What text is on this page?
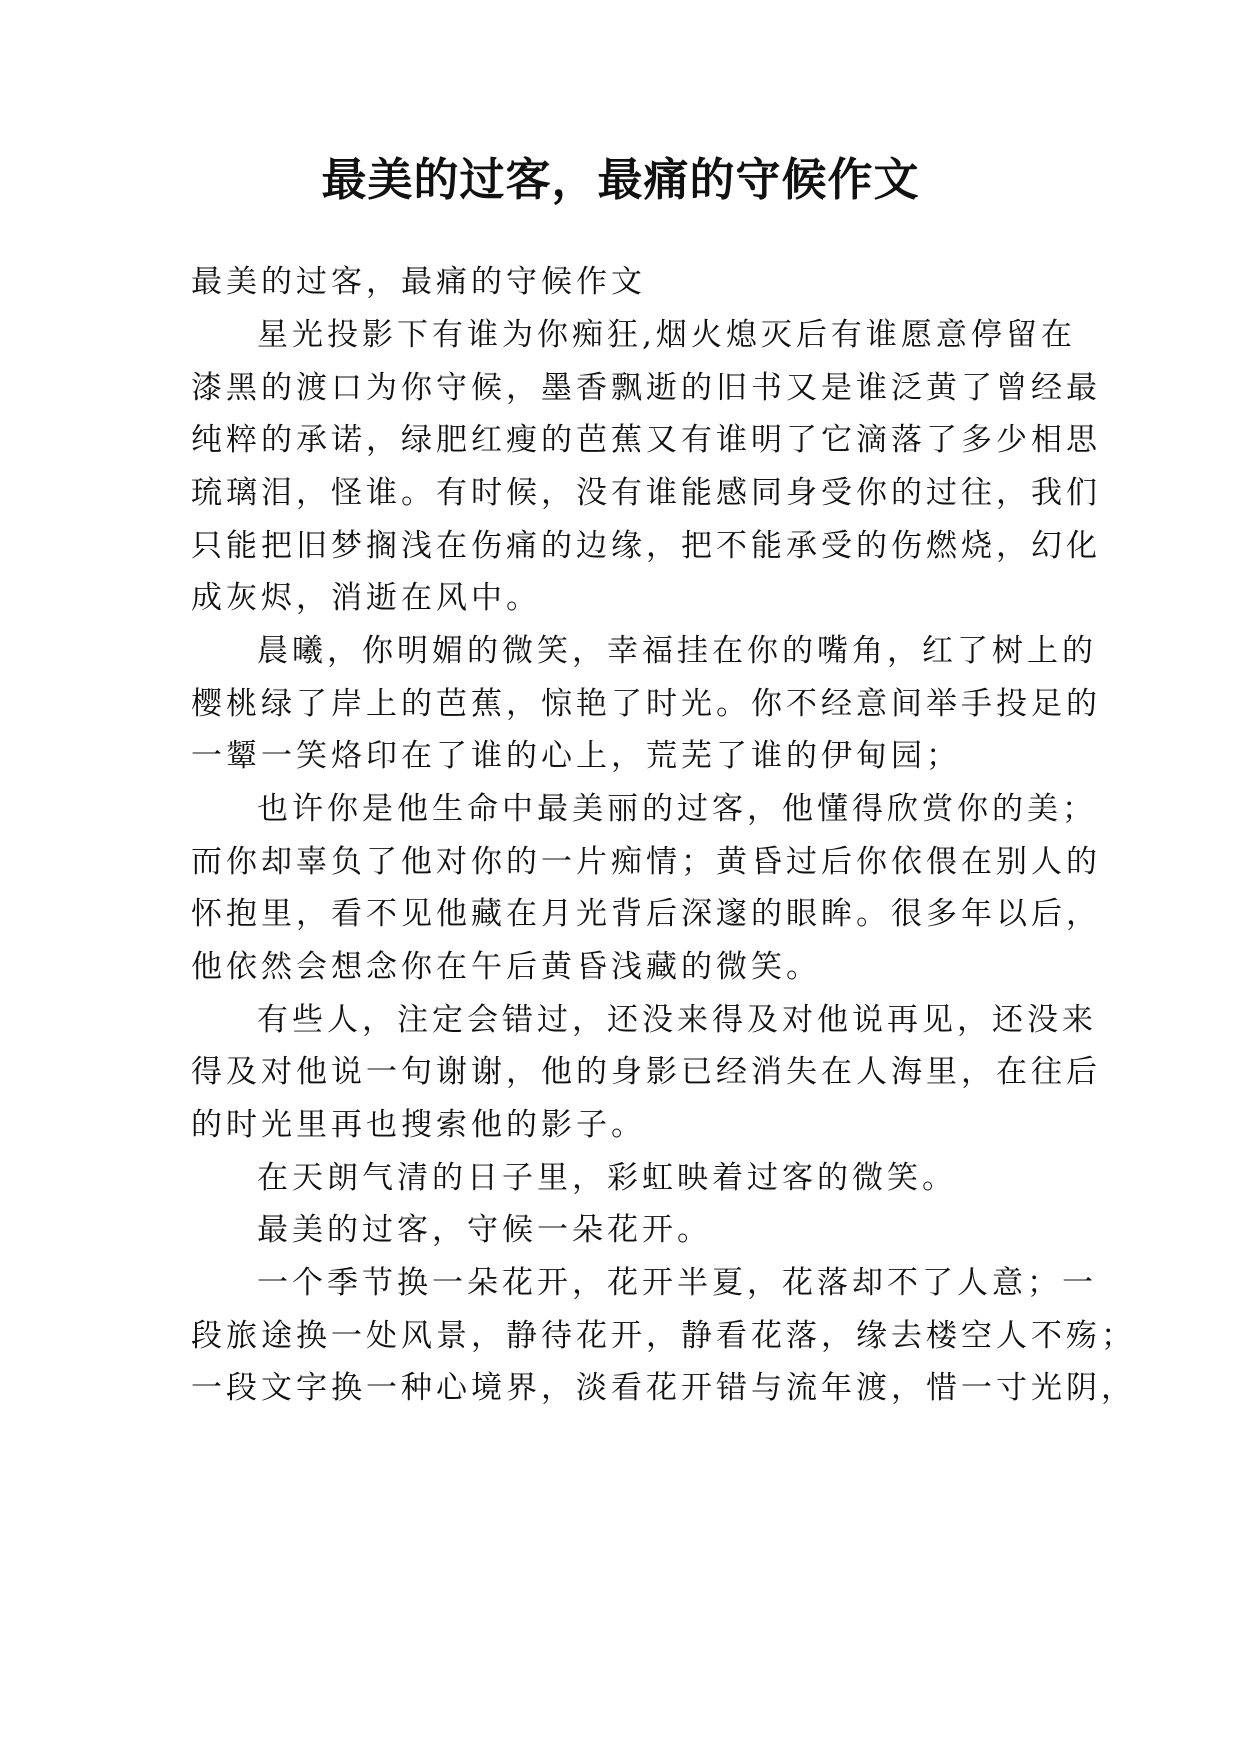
最美的过客，最痛的守候作文
最美的过客，最痛的守候作文
星光投影下有谁为你痴狂,烟火熄灭后有谁愿意停留在
漆黑的渡口为你守候，墨香飘逝的旧书又是谁泛黄了曾经最
纯粹的承诺，绿肥红瘦的芭蕉又有谁明了它滴落了多少相思
琉璃泪，怪谁。有时候，没有谁能感同身受你的过往，我们
只能把旧梦搁浅在伤痛的边缘，把不能承受的伤燃烧，幻化
成灰烬，消逝在风中。
晨曦，你明媚的微笑，幸福挂在你的嘴角，红了树上的
樱桃绿了岸上的芭蕉，惊艳了时光。你不经意间举手投足的
一颦一笑烙印在了谁的心上，荒芜了谁的伊甸园；
也许你是他生命中最美丽的过客，他懂得欣赏你的美；
而你却辜负了他对你的一片痴情；黄昏过后你依偎在别人的
怀抱里，看不见他藏在月光背后深邃的眼眸。很多年以后，
他依然会想念你在午后黄昏浅藏的微笑。
有些人，注定会错过，还没来得及对他说再见，还没来
得及对他说一句谢谢，他的身影已经消失在人海里，在往后
的时光里再也搜索他的影子。
在天朗气清的日子里，彩虹映着过客的微笑。
最美的过客，守候一朵花开。
一个季节换一朵花开，花开半夏，花落却不了人意；一
段旅途换一处风景，静待花开，静看花落，缘去楼空人不殇；
一段文字换一种心境界，淡看花开错与流年渡，惜一寸光阴，
